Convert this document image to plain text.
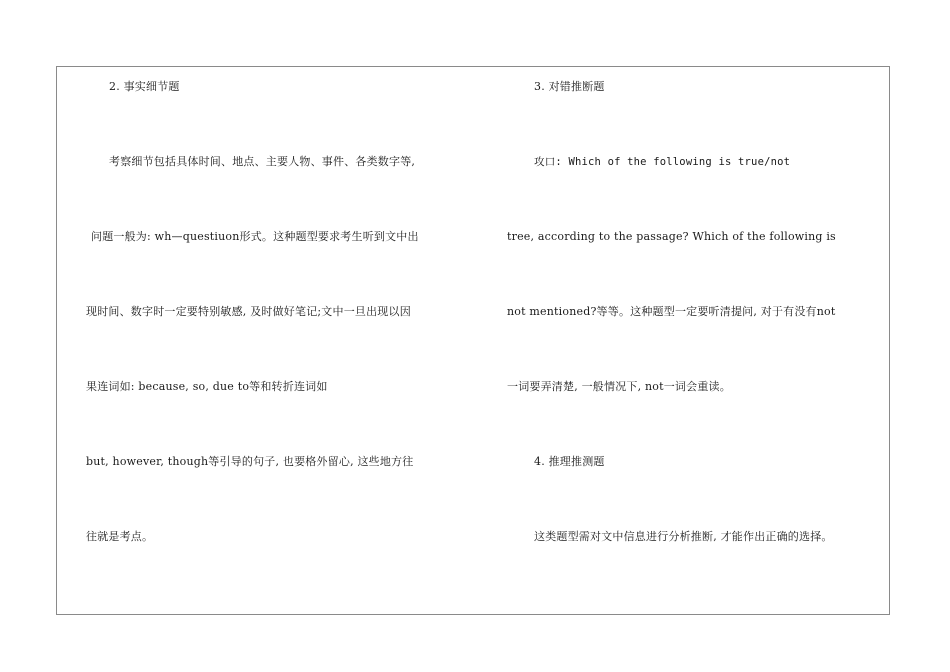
2. 事实细节题
考察细节包括具体时间、地点、主要人物、事件、各类数字等,
问题一般为: wh—questiuon形式。这种题型要求考生听到文中出
现时间、数字时一定要特别敏感, 及时做好笔记;文中一旦出现以因
果连词如: because, so, due to等和转折连词如
but, however, though等引导的句子, 也要格外留心, 这些地方往
往就是考点。
3. 对错推断题
攻口: Which of the following is true/not
tree, according to the passage? Which of the following is
not mentioned?等等。这种题型一定要听清提问, 对于有没有not
一词要弄清楚, 一般情况下, not一词会重读。
4. 推理推测题
这类题型需对文中信息进行分析推断, 才能作出正确的选择。
